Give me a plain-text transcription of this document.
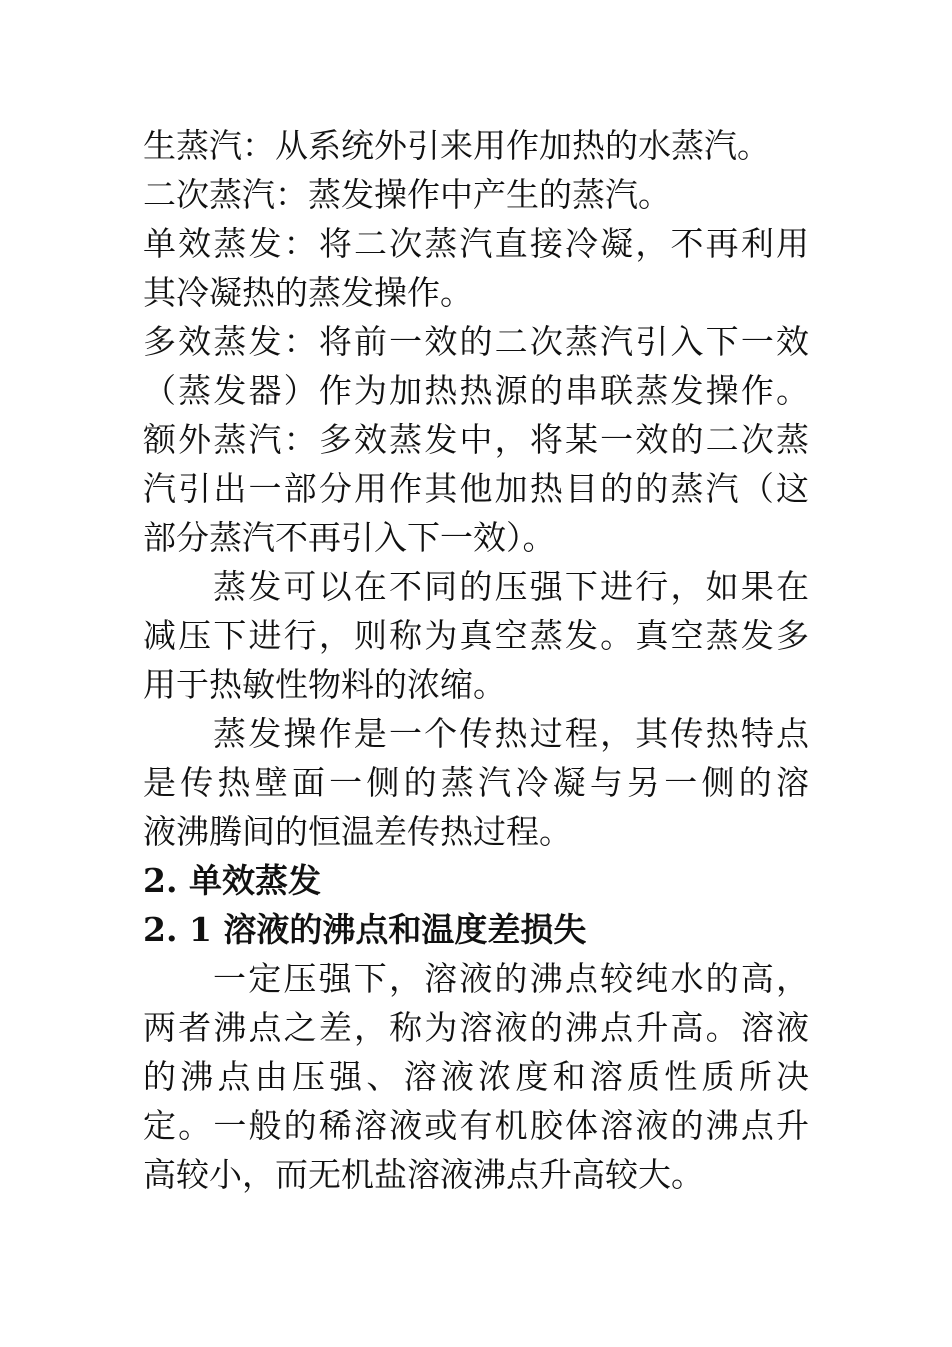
生蒸汽：从系统外引来用作加热的水蒸汽。
二次蒸汽：蒸发操作中产生的蒸汽。
单效蒸发：将二次蒸汽直接冷凝，不再利用
其冷凝热的蒸发操作。
多效蒸发：将前一效的二次蒸汽引入下一效
（蒸发器）作为加热热源的串联蒸发操作。
额外蒸汽：多效蒸发中，将某一效的二次蒸
汽引出一部分用作其他加热目的的蒸汽（这
部分蒸汽不再引入下一效）。
蒸发可以在不同的压强下进行，如果在
减压下进行，则称为真空蒸发。真空蒸发多
用于热敏性物料的浓缩。
蒸发操作是一个传热过程，其传热特点
是传热壁面一侧的蒸汽冷凝与另一侧的溶
液沸腾间的恒温差传热过程。
2. 单效蒸发
2. 1 溶液的沸点和温度差损失
一定压强下，溶液的沸点较纯水的高，
两者沸点之差，称为溶液的沸点升高。溶液
的沸点由压强、溶液浓度和溶质性质所决
定。一般的稀溶液或有机胶体溶液的沸点升
高较小，而无机盐溶液沸点升高较大。
